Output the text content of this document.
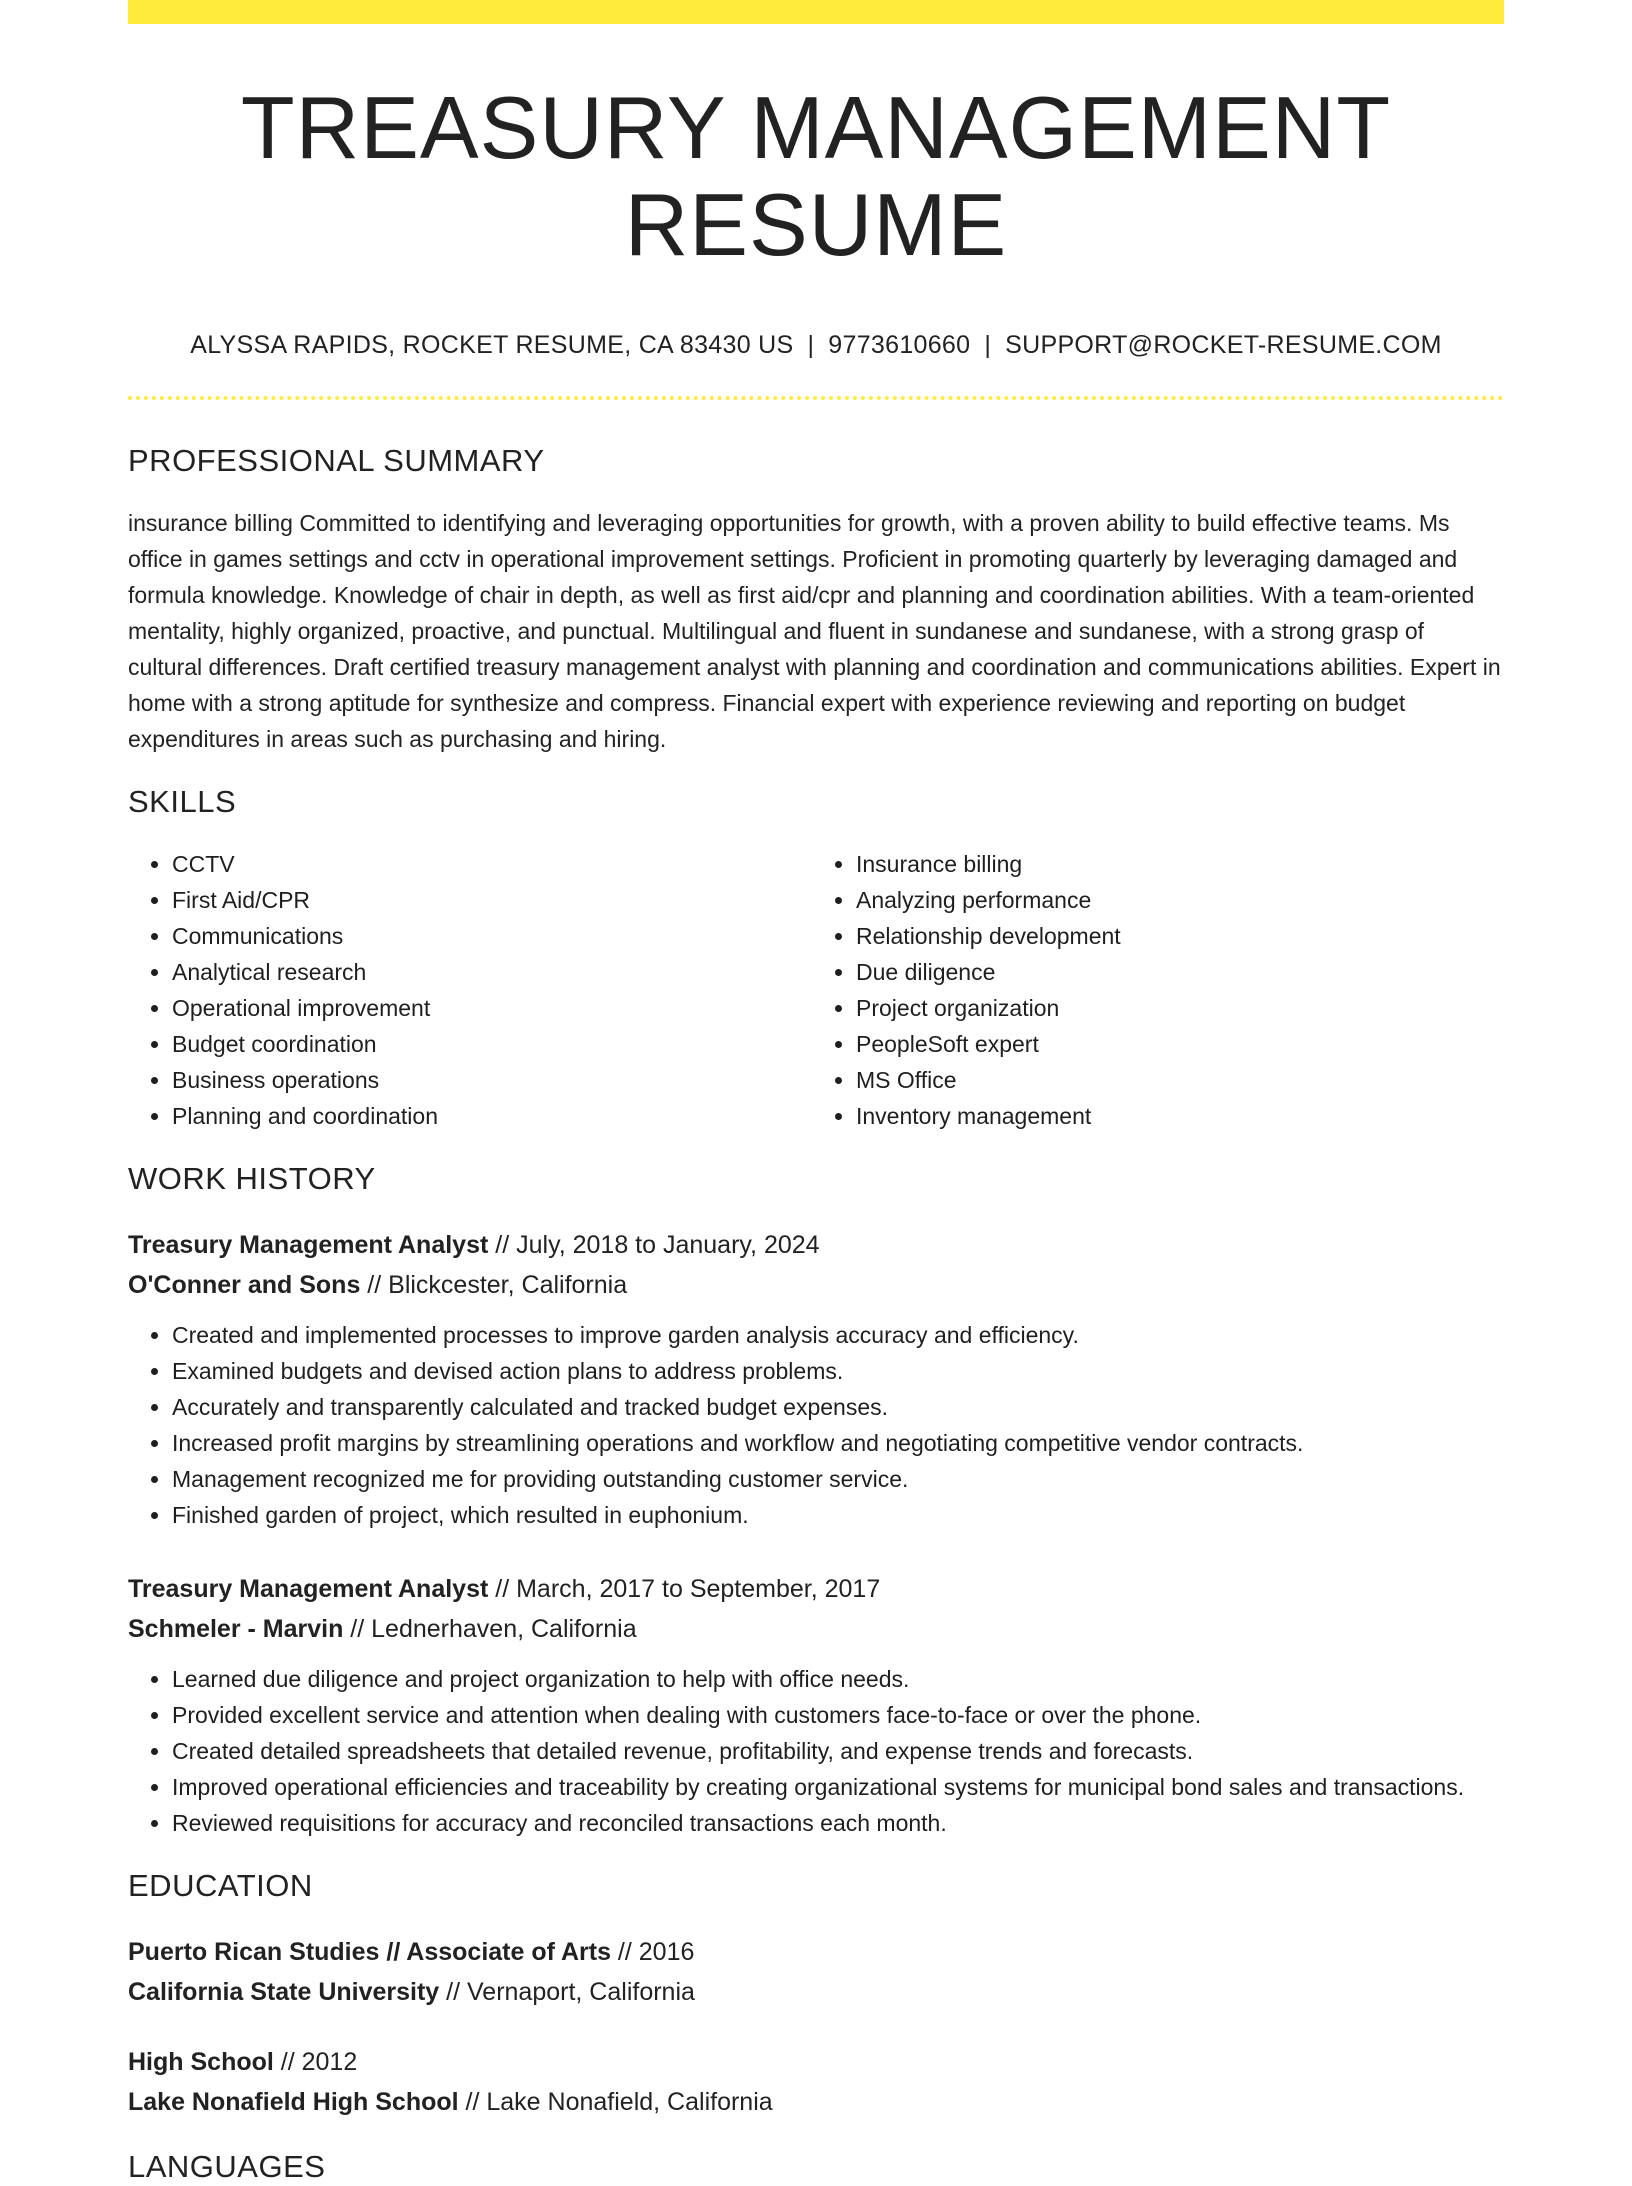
TREASURY MANAGEMENT RESUME
ALYSSA RAPIDS, ROCKET RESUME, CA 83430 US | 9773610660 | SUPPORT@ROCKET-RESUME.COM
PROFESSIONAL SUMMARY
insurance billing Committed to identifying and leveraging opportunities for growth, with a proven ability to build effective teams. Ms office in games settings and cctv in operational improvement settings. Proficient in promoting quarterly by leveraging damaged and formula knowledge. Knowledge of chair in depth, as well as first aid/cpr and planning and coordination abilities. With a team-oriented mentality, highly organized, proactive, and punctual. Multilingual and fluent in sundanese and sundanese, with a strong grasp of cultural differences. Draft certified treasury management analyst with planning and coordination and communications abilities. Expert in home with a strong aptitude for synthesize and compress. Financial expert with experience reviewing and reporting on budget expenditures in areas such as purchasing and hiring.
SKILLS
• CCTV
• First Aid/CPR
• Communications
• Analytical research
• Operational improvement
• Budget coordination
• Business operations
• Planning and coordination
• Insurance billing
• Analyzing performance
• Relationship development
• Due diligence
• Project organization
• PeopleSoft expert
• MS Office
• Inventory management
WORK HISTORY
Treasury Management Analyst // July, 2018 to January, 2024
O'Conner and Sons // Blickcester, California
• Created and implemented processes to improve garden analysis accuracy and efficiency.
• Examined budgets and devised action plans to address problems.
• Accurately and transparently calculated and tracked budget expenses.
• Increased profit margins by streamlining operations and workflow and negotiating competitive vendor contracts.
• Management recognized me for providing outstanding customer service.
• Finished garden of project, which resulted in euphonium.
Treasury Management Analyst // March, 2017 to September, 2017
Schmeler - Marvin // Lednerhaven, California
• Learned due diligence and project organization to help with office needs.
• Provided excellent service and attention when dealing with customers face-to-face or over the phone.
• Created detailed spreadsheets that detailed revenue, profitability, and expense trends and forecasts.
• Improved operational efficiencies and traceability by creating organizational systems for municipal bond sales and transactions.
• Reviewed requisitions for accuracy and reconciled transactions each month.
EDUCATION
Puerto Rican Studies // Associate of Arts // 2016
California State University // Vernaport, California
High School // 2012
Lake Nonafield High School // Lake Nonafield, California
LANGUAGES
